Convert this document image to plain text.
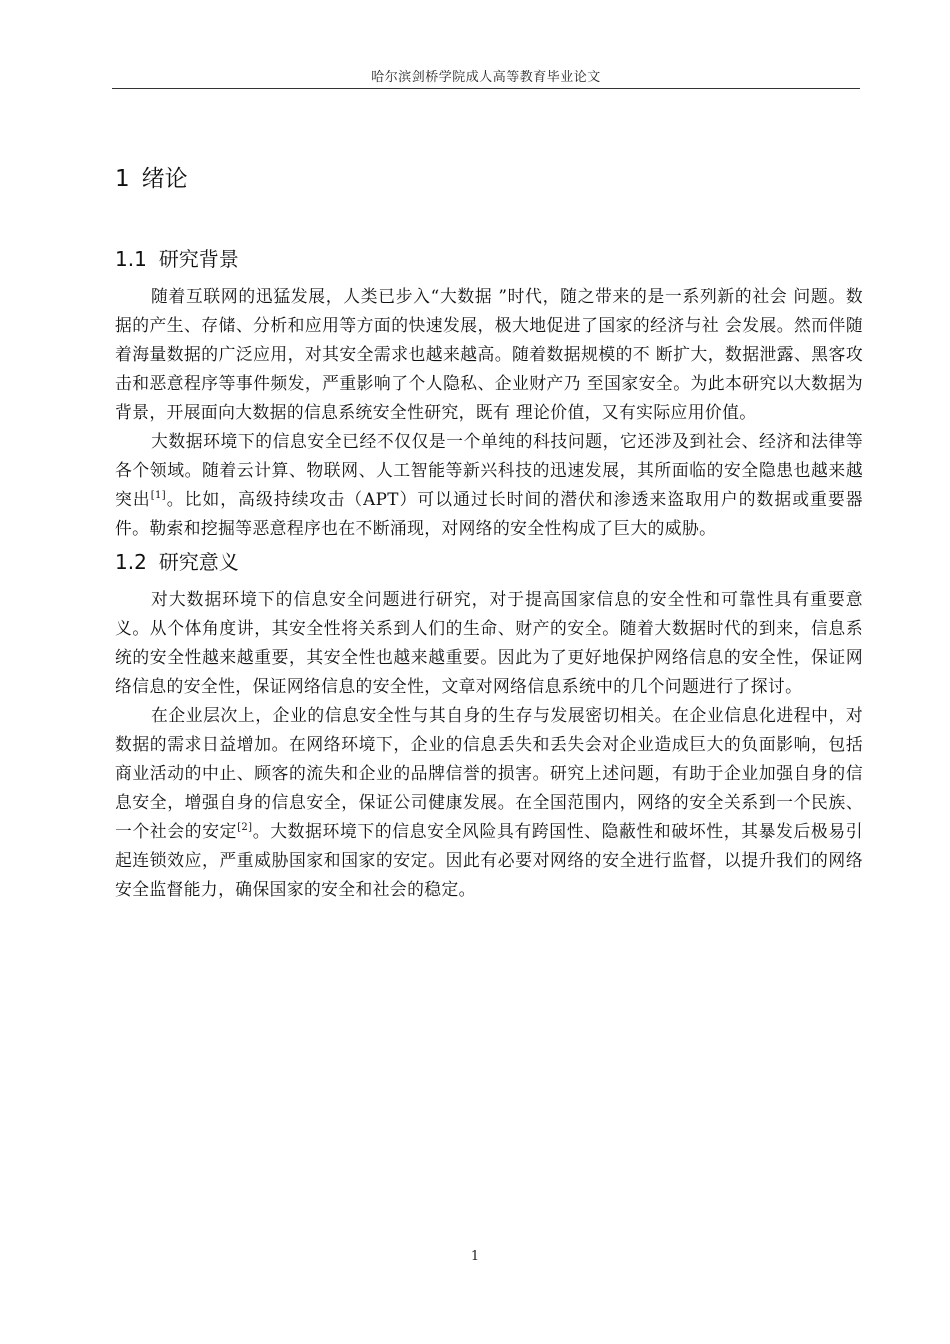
哈尔滨剑桥学院成人高等教育毕业论文
1 绪论
1.1 研究背景

随着互联网的迅猛发展，人类已步入“大数据 ”时代，随之带来的是一系列新的社会 问题。数据的产生、存储、分析和应用等方面的快速发展，极大地促进了国家的经济与社 会发展。然而伴随着海量数据的广泛应用，对其安全需求也越来越高。随着数据规模的不 断扩大，数据泄露、黑客攻击和恶意程序等事件频发，严重影响了个人隐私、企业财产乃 至国家安全。为此本研究以大数据为背景，开展面向大数据的信息系统安全性研究，既有 理论价值，又有实际应用价值。

大数据环境下的信息安全已经不仅仅是一个单纯的科技问题，它还涉及到社会、经济和法律等各个领域。随着云计算、物联网、人工智能等新兴科技的迅速发展，其所面临的安全隐患也越来越突出[1]。比如，高级持续攻击（APT）可以通过长时间的潜伏和渗透来盗取用户的数据或重要器件。勒索和挖掘等恶意程序也在不断涌现，对网络的安全性构成了巨大的威胁。

1.2 研究意义

对大数据环境下的信息安全问题进行研究，对于提高国家信息的安全性和可靠性具有重要意义。从个体角度讲，其安全性将关系到人们的生命、财产的安全。随着大数据时代的到来，信息系统的安全性越来越重要，其安全性也越来越重要。因此为了更好地保护网络信息的安全性，保证网络信息的安全性，保证网络信息的安全性，文章对网络信息系统中的几个问题进行了探讨。

在企业层次上，企业的信息安全性与其自身的生存与发展密切相关。在企业信息化进程中，对数据的需求日益增加。在网络环境下，企业的信息丢失和丢失会对企业造成巨大的负面影响，包括商业活动的中止、顾客的流失和企业的品牌信誉的损害。研究上述问题，有助于企业加强自身的信息安全，增强自身的信息安全，保证公司健康发展。在全国范围内，网络的安全关系到一个民族、一个社会的安定[2]。大数据环境下的信息安全风险具有跨国性、隐蔽性和破坏性，其暴发后极易引起连锁效应，严重威胁国家和国家的安定。因此有必要对网络的安全进行监督，以提升我们的网络安全监督能力，确保国家的安全和社会的稳定。

1
